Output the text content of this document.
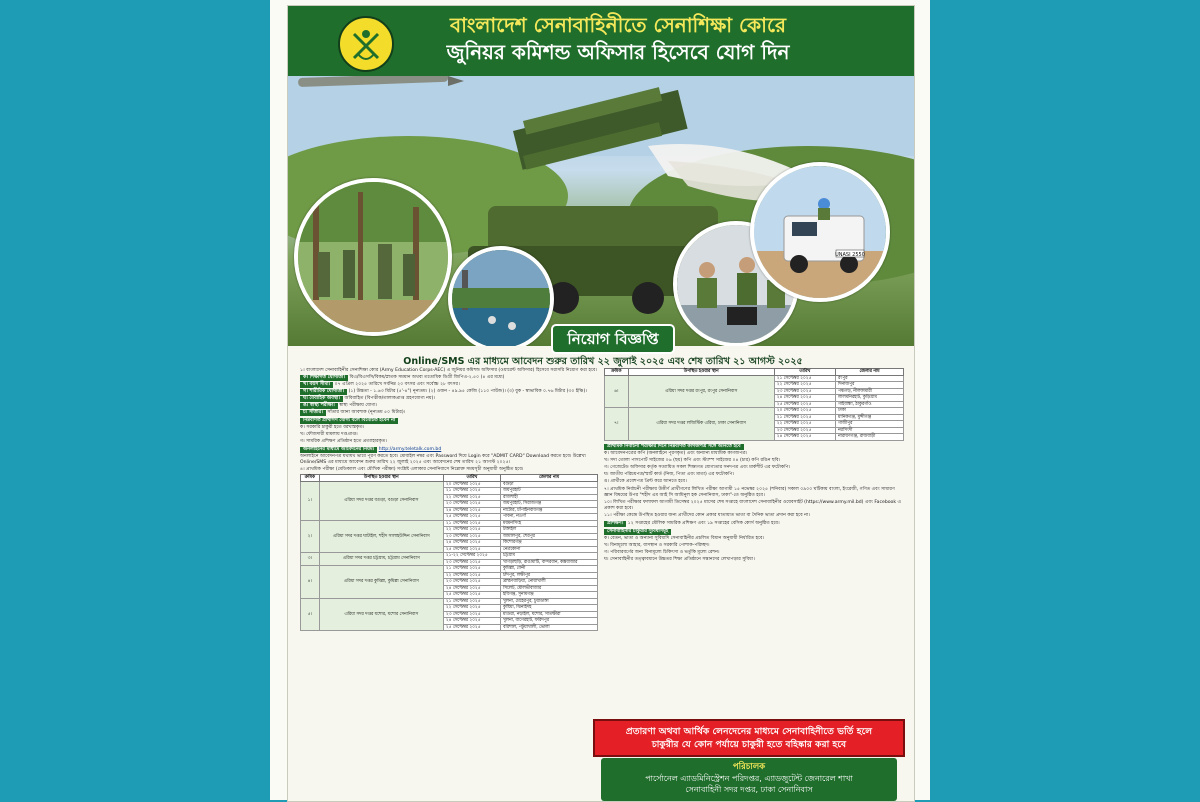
বাংলাদেশ সেনাবাহিনীতে সেনাশিক্ষা কোরে
জুনিয়র কমিশন্ড অফিসার হিসেবে যোগ দিন
UNASI 2550
নিয়োগ বিজ্ঞপ্তি
Online/SMS এর মাধ্যমে আবেদন শুরুর তারিখ ২২ জুলাই ২০২৫ এবং শেষ তারিখ ২১ আগস্ট ২০২৫

১। বাংলাদেশ সেনাবাহিনীর সেনাশিক্ষা কোর (Army Education Corps-AEC) এ জুনিয়র কমিশন্ড অফিসার (ওয়ারেন্ট অফিসার) হিসেবে সরাসরি নিয়োগ করা হবে।

ক। শিক্ষাগত যোগ্যতা। বিএ/বিএসসি/বিকম/স্নাতক সমমান অথবা ততোধিক ডিগ্রী জিপিএ-২.৫০ (৪ এর মধ্যে)

খ। বয়স সীমা। ০৭ এপ্রিল ২০২৫ তারিখে সর্বনিম্ন ২০ বৎসর এবং সর্বোচ্চ ২৮ বৎসর।

গ। শারীরিক যোগ্যতা। (১) উচ্চতা - ১.৬৩ মিটার (৫'-৪") নূন্যতম। (২) ওজন - ৪৯.৯৫ কেজি (১১০ পাউন্ড)। (৩) বুক - স্বাভাবিক ০.৭৬ মিটার (৩০ ইঞ্চি)।

ঘ। বৈবাহিক অবস্থা। অবিবাহিত (বিপত্নীক/তালাকপ্রাপ্ত গ্রহণযোগ্য নয়)।

ঙ। স্বাস্থ্য পরীক্ষা। স্বাস্থ্য পরীক্ষায় যোগ্য।

চ। সাঁতার। সাঁতার জানা আবশ্যক (নূন্যতম ৫০ মিটার)।

নিম্নবর্ণিত প্রার্থীগণ যোগ্য বলে বিবেচিত হবেন না

ক। সরকারি চাকুরী হতে বরখাস্তকৃত।

খ। ফৌজদারী মামলায় দণ্ডপ্রাপ্ত।

গ। সামরিক প্রশিক্ষণ প্রতিষ্ঠান হতে প্রত্যাহারকৃত।

অনলাইনের মাধ্যমে আবেদনের নিয়ম। http://army.teletalk.com.bd

অনলাইনে আবেদনপত্র যথাযথ ভাবে পূরণ করতে হবে। মোবাইল নম্বর এবং Password দিয়ে Login করে "ADMIT CARD" Download করতে হবে। উল্লেখ্য Online/SMS এর মাধ্যমে আবেদন শুরুর তারিখ ২২ জুলাই ২০২৫ এবং আবেদনের শেষ তারিখ ২১ আগস্ট ২০২৫।

৪। প্রাথমিক পরীক্ষা (মেডিক্যাল এবং মৌখিক পরীক্ষা) সংশ্লিষ্ট এলাকার সেনানিবাসে নিম্নোক্ত সময়সূচী অনুযায়ী অনুষ্ঠিত হবে।

ক্রমিক	উপস্থিত হওয়ার স্থান	তারিখ	জেলার নাম
১।	এরিয়া সদর দপ্তর বগুড়া, বগুড়া সেনানিবাস	২০ সেপ্টেম্বর ২০২৫	বগুড়া
		২১ সেপ্টেম্বর ২০২৫	জয়পুরহাট
		২২ সেপ্টেম্বর ২০২৫	রাজশাহী
		২৩ সেপ্টেম্বর ২০২৫	জয়পুরহাট, সিরাজগঞ্জ
		২৪ সেপ্টেম্বর ২০২৫	নাটোর, চাঁপাইনবাবগঞ্জ
		২৫ সেপ্টেম্বর ২০২৫	পাবনা, নওগাঁ
২।	এরিয়া সদর দপ্তর ঘাটাইল, শহীদ সালাহউদ্দিন সেনানিবাস	২১ সেপ্টেম্বর ২০২৫	ময়মনসিংহ
		২২ সেপ্টেম্বর ২০২৫	টাঙ্গাইল
		২৩ সেপ্টেম্বর ২০২৫	জামালপুর, শেরপুর
		২৪ সেপ্টেম্বর ২০২৫	কিশোরগঞ্জ
		২৫ সেপ্টেম্বর ২০২৫	নেত্রকোনা
৩।	এরিয়া সদর দপ্তর চট্টগ্রাম, চট্টগ্রাম সেনানিবাস	২১-২২ সেপ্টেম্বর ২০২৫	চট্টগ্রাম
		২৩ সেপ্টেম্বর ২০২৫	খাগড়াছড়ি, রাঙামাটি, বান্দরবান, কক্সবাজার
৪।	এরিয়া সদর দপ্তর কুমিল্লা, কুমিল্লা সেনানিবাস	২১ সেপ্টেম্বর ২০২৫	কুমিল্লা, ফেনী
		২২ সেপ্টেম্বর ২০২৫	চাঁদপুর, লক্ষীপুর
		২৩ সেপ্টেম্বর ২০২৫	ব্রাহ্মণবাড়িয়া, নোয়াখালী
		২৪ সেপ্টেম্বর ২০২৫	সিলেট, মৌলভীবাজার
		২৫ সেপ্টেম্বর ২০২৫	হবিগঞ্জ, সুনামগঞ্জ
৫।	এরিয়া সদর দপ্তর যশোর, যশোর সেনানিবাস	২১ সেপ্টেম্বর ২০২৫	খুলনা, মেহেরপুর, চুয়াডাঙ্গা
		২২ সেপ্টেম্বর ২০২৫	কুষ্টিয়া, ঝিনাইদহ
		২৩ সেপ্টেম্বর ২০২৫	মাগুরা, নড়াইল, যশোর, সাতক্ষীরা
		২৪ সেপ্টেম্বর ২০২৫	খুলনা, বাগেরহাট, ফরিদপুর
		২৫ সেপ্টেম্বর ২০২৫	বরিশাল, পটুয়াখালী, ভোলা
ক্রমিক	উপস্থিত হওয়ার স্থান	তারিখ	জেলার নাম
৬।	এরিয়া সদর দপ্তর রংপুর, রংপুর সেনানিবাস	২১ সেপ্টেম্বর ২০২৫	রংপুর
		২২ সেপ্টেম্বর ২০২৫	দিনাজপুর
		২৩ সেপ্টেম্বর ২০২৫	পঞ্চগড়, নীলফামারী
		২৪ সেপ্টেম্বর ২০২৫	লালমনিরহাট, কুড়িগ্রাম
		২৫ সেপ্টেম্বর ২০২৫	গাইবান্ধা, ঠাকুরগাঁও
৭।	এরিয়া সদর দপ্তর লজিস্টিক এরিয়া, ঢাকা সেনানিবাস	২০ সেপ্টেম্বর ২০২৫	ঢাকা
		২১ সেপ্টেম্বর ২০২৫	মানিকগঞ্জ, মুন্সীগঞ্জ
		২২ সেপ্টেম্বর ২০২৫	গাজীপুর
		২৩ সেপ্টেম্বর ২০২৫	নরসিংদী
		২৪ সেপ্টেম্বর ২০২৫	নারায়ণগঞ্জ, রাজবাড়ী

প্রাথমিক নির্বাচনী পরীক্ষার দিনে নিম্নবর্ণিত কাগজপত্র সঙ্গে আনতে হবে

ক। আবেদনপত্রের কপি (অনলাইনে পূরণকৃত) এবং অন্যান্য মাধ্যমিক কাগজপত্র।

খ। সদ্য তোলা পাসপোর্ট সাইজের ০৬ (ছয়) কপি এবং স্ট্যাম্প সাইজের ০৪ (চার) কপি রঙিন ছবি।

গ। গেজেটেড অফিসার কর্তৃক সত্যায়িত সকল শিক্ষাগত যোগ্যতার সনদপত্র এবং মার্কশীট এর ফটোকপি।

ঘ। জাতীয় পরিচয়পত্র/স্মার্ট কার্ড (নিজ, পিতা এবং মাতা) এর ফটোকপি।

ঙ। প্রার্থীকে প্রবেশপত্র প্রিন্ট করে আনতে হবে।

৭। প্রাথমিক নির্বাচনী পরীক্ষায় উত্তীর্ণ প্রার্থীগণের লিখিত পরীক্ষা আগামী ১৫ নভেম্বর ২০২৫ (শনিবার) সকাল ০৯০০ ঘটিকায় বাংলা, ইংরেজী, গণিত এবং সাধারণ জ্ঞান বিষয়ের উপর "শহীদ এম আই সি আমিনুল হক সেনানিবাস, ঢাকা"-তে অনুষ্ঠিত হবে।

১০। লিখিত পরীক্ষার ফলাফল আগামী ডিসেম্বর ২০২৫ মাসের শেষ সপ্তাহে বাংলাদেশ সেনাবাহিনীর ওয়েবসাইট (https://www.army.mil.bd) এবং Facebook এ প্রকাশ করা হবে।

১১। পরীক্ষা কেন্দ্রে উপস্থিত হওয়ার জন্য প্রার্থীদের কোন প্রকার যাতায়াত ভাতা বা দৈনিক ভাতা প্রদান করা হবে না।

প্রশিক্ষণ। ১২ সপ্তাহের মৌলিক সামরিক প্রশিক্ষণ এবং ১৯ সপ্তাহের বেসিক কোর্স অনুষ্ঠিত হবে।

সেনাবাহিনীর চাকুরীর সুবিধাসমূহ

ক। বেতন, ভাতা ও অন্যান্য সুবিধাদি সেনাবাহিনীর প্রচলিত বিধান অনুযায়ী নির্ধারিত হবে।

খ। বিনামূল্যে আহার, বাসস্থান ও সরকারি পোশাক-পরিচ্ছদ।

গ। পরিবারবর্গের জন্য বিনামূল্যে চিকিৎসা ও ভর্তুকি মূল্যে রেশন।

ঘ। সেনাবাহিনীর তত্ত্বাবধানে উচ্চতর শিক্ষা প্রতিষ্ঠানে সন্তানদের লেখাপড়ার সুবিধা।

প্রতারণা অথবা আর্থিক লেনদেনের মাধ্যমে সেনাবাহিনীতে ভর্তি হলে
চাকুরীর যে কোন পর্যায়ে চাকুরী হতে বহিষ্কার করা হবে
পরিচালক
পার্সোনেল এ্যাডমিনিস্ট্রেশন পরিদপ্তর, এ্যাডজুটেন্ট জেনারেল শাখা
সেনাবাহিনী সদর দপ্তর, ঢাকা সেনানিবাস
